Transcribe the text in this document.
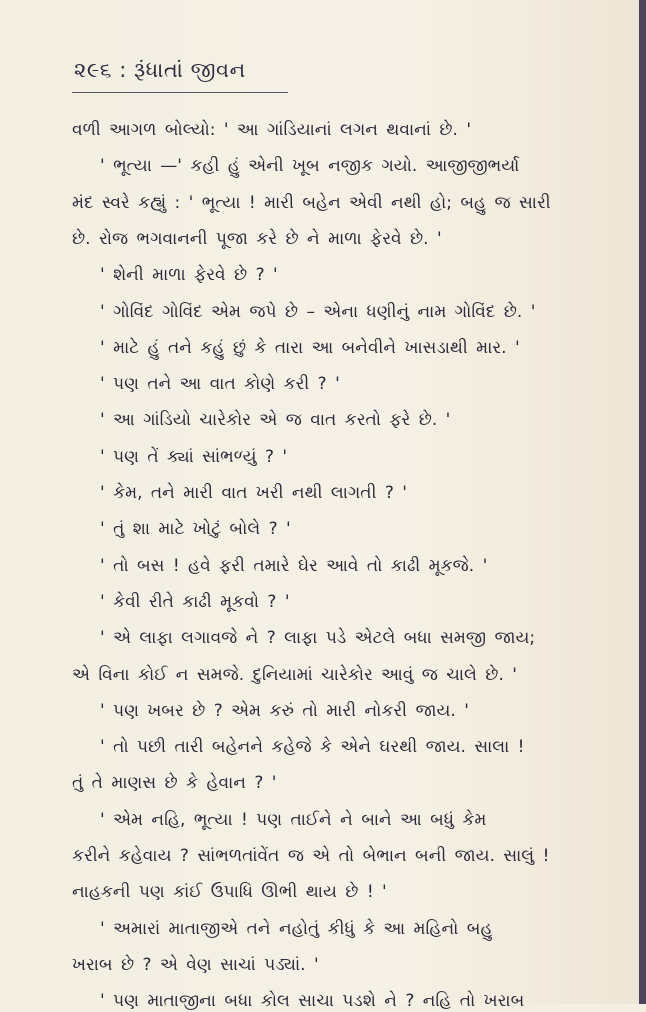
૨૯૬ : રૂંધાતાં જીવન
વળી આગળ બોલ્યો: ' આ ગાંડિયાનાં લગન થવાનાં છે. '
' ભૂત્યા —' કહી હું એની ખૂબ નજીક ગયો. આજીજીભર્યા
મંદ સ્વરે કહ્યું : ' ભૂત્યા ! મારી બહેન એવી નથી હો; બહુ જ સારી
છે. રોજ ભગવાનની પૂજા કરે છે ને માળા ફેરવે છે. '
' શેની માળા ફેરવે છે ? '
' ગોવિંદ ગોવિંદ એમ જપે છે – એના ધણીનું નામ ગોવિંદ છે. '
' માટે હું તને કહું છું કે તારા આ બનેવીને ખાસડાથી માર. '
' પણ તને આ વાત કોણે કરી ? '
' આ ગાંડિયો ચારેકોર એ જ વાત કરતો ફરે છે. '
' પણ તેં ક્યાં સાંભળ્યું ? '
' કેમ, તને મારી વાત ખરી નથી લાગતી ? '
' તું શા માટે ખોટું બોલે ? '
' તો બસ ! હવે ફરી તમારે ઘેર આવે તો કાઢી મૂકજે. '
' કેવી રીતે કાઢી મૂકવો ? '
' એ લાફા લગાવજે ને ? લાફા પડે એટલે બધા સમજી જાય;
એ વિના કોઈ ન સમજે. દુનિયામાં ચારેકોર આવું જ ચાલે છે. '
' પણ ખબર છે ? એમ કરું તો મારી નોકરી જાય. '
' તો પછી તારી બહેનને કહેજે કે એને ઘરથી જાય. સાલા !
તું તે માણસ છે કે હેવાન ? '
' એમ નહિ, ભૂત્યા ! પણ તાઈને ને બાને આ બધું કેમ
કરીને કહેવાય ? સાંભળતાંવેંત જ એ તો બેભાન બની જાય. સાલું !
નાહકની પણ કાંઈ ઉપાધિ ઊભી થાય છે ! '
' અમારાં માતાજીએ તને નહોતું કીધું કે આ મહિનો બહુ
ખરાબ છે ? એ વેણ સાચાં પડ્યાં. '
' પણ માતાજીના બધા કોલ સાચા પડશે ને ? નહિ તો ખરાબ
